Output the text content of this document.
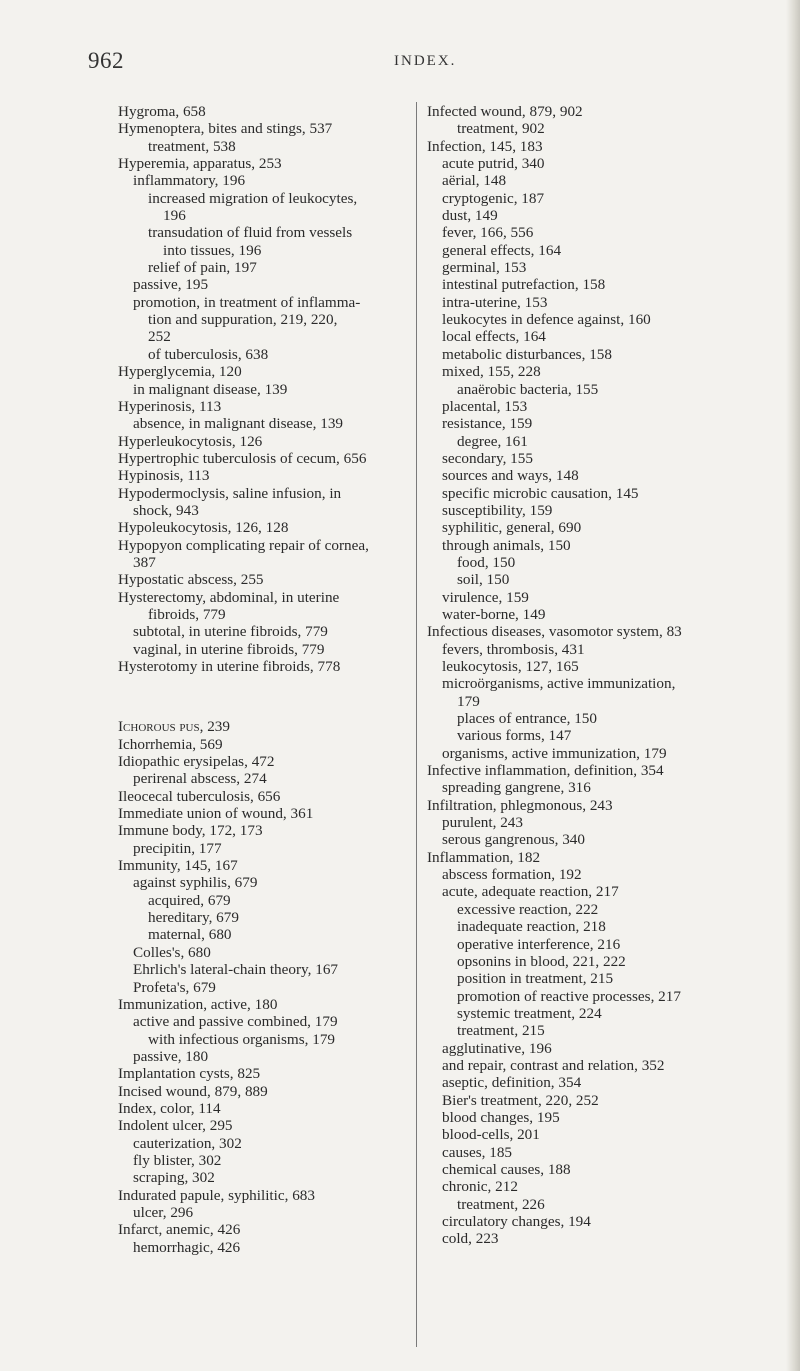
962	INDEX.
Hygroma, 658
Hymenoptera, bites and stings, 537
treatment, 538
Hyperemia, apparatus, 253
inflammatory, 196
increased migration of leukocytes,
196
transudation of fluid from vessels
into tissues, 196
relief of pain, 197
passive, 195
promotion, in treatment of inflamma-
tion and suppuration, 219, 220,
252
of tuberculosis, 638
Hyperglycemia, 120
in malignant disease, 139
Hyperinosis, 113
absence, in malignant disease, 139
Hyperleukocytosis, 126
Hypertrophic tuberculosis of cecum, 656
Hypinosis, 113
Hypodermoclysis, saline infusion, in
shock, 943
Hypoleukocytosis, 126, 128
Hypopyon complicating repair of cornea,
387
Hypostatic abscess, 255
Hysterectomy, abdominal, in uterine
fibroids, 779
subtotal, in uterine fibroids, 779
vaginal, in uterine fibroids, 779
Hysterotomy in uterine fibroids, 778
Ichorous pus, 239
Ichorrhemia, 569
Idiopathic erysipelas, 472
perirenal abscess, 274
Ileocecal tuberculosis, 656
Immediate union of wound, 361
Immune body, 172, 173
precipitin, 177
Immunity, 145, 167
against syphilis, 679
acquired, 679
hereditary, 679
maternal, 680
Colles's, 680
Ehrlich's lateral-chain theory, 167
Profeta's, 679
Immunization, active, 180
active and passive combined, 179
with infectious organisms, 179
passive, 180
Implantation cysts, 825
Incised wound, 879, 889
Index, color, 114
Indolent ulcer, 295
cauterization, 302
fly blister, 302
scraping, 302
Indurated papule, syphilitic, 683
ulcer, 296
Infarct, anemic, 426
hemorrhagic, 426
Infected wound, 879, 902
treatment, 902
Infection, 145, 183
acute putrid, 340
aërial, 148
cryptogenic, 187
dust, 149
fever, 166, 556
general effects, 164
germinal, 153
intestinal putrefaction, 158
intra-uterine, 153
leukocytes in defence against, 160
local effects, 164
metabolic disturbances, 158
mixed, 155, 228
anaërobic bacteria, 155
placental, 153
resistance, 159
degree, 161
secondary, 155
sources and ways, 148
specific microbic causation, 145
susceptibility, 159
syphilitic, general, 690
through animals, 150
food, 150
soil, 150
virulence, 159
water-borne, 149
Infectious diseases, vasomotor system, 83
fevers, thrombosis, 431
leukocytosis, 127, 165
microörganisms, active immunization,
179
places of entrance, 150
various forms, 147
organisms, active immunization, 179
Infective inflammation, definition, 354
spreading gangrene, 316
Infiltration, phlegmonous, 243
purulent, 243
serous gangrenous, 340
Inflammation, 182
abscess formation, 192
acute, adequate reaction, 217
excessive reaction, 222
inadequate reaction, 218
operative interference, 216
opsonins in blood, 221, 222
position in treatment, 215
promotion of reactive processes, 217
systemic treatment, 224
treatment, 215
agglutinative, 196
and repair, contrast and relation, 352
aseptic, definition, 354
Bier's treatment, 220, 252
blood changes, 195
blood-cells, 201
causes, 185
chemical causes, 188
chronic, 212
treatment, 226
circulatory changes, 194
cold, 223
